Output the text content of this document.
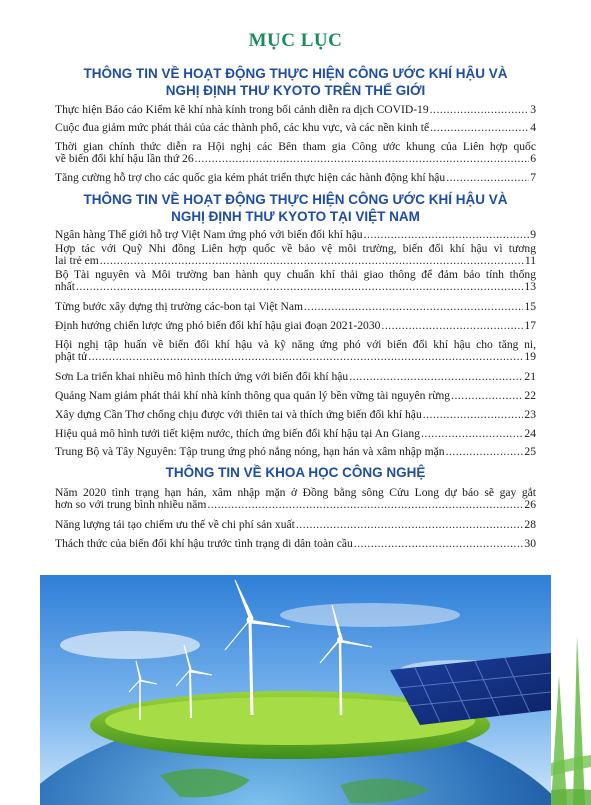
MỤC LỤC
THÔNG TIN VỀ HOẠT ĐỘNG THỰC HIỆN CÔNG ƯỚC KHÍ HẬU VÀ
NGHỊ ĐỊNH THƯ KYOTO TRÊN THẾ GIỚI
Thực hiện Báo cáo Kiểm kê khí nhà kính trong bối cảnh diễn ra dịch COVID-19 .....	3
Cuộc đua giảm mức phát thải của các thành phố, các khu vực, và các nền kinh tế .....	4
Thời gian chính thức diễn ra Hội nghị các Bên tham gia Công ước khung của Liên hợp quốc
về biến đổi khí hậu lần thứ 26 .....	6
Tăng cường hỗ trợ cho các quốc gia kém phát triển thực hiện các hành động khí hậu .....	7
THÔNG TIN VỀ HOẠT ĐỘNG THỰC HIỆN CÔNG ƯỚC KHÍ HẬU VÀ
NGHỊ ĐỊNH THƯ KYOTO TẠI VIỆT NAM
Ngân hàng Thế giới hỗ trợ Việt Nam ứng phó với biến đổi khí hậu .....	9
Hợp tác với Quỹ Nhi đồng Liên hợp quốc về bảo vệ môi trường, biến đổi khí hậu vì tương
lai trẻ em .....	11
Bộ Tài nguyên và Môi trường ban hành quy chuẩn khí thải giao thông để đảm bảo tính thống
nhất .....	13
Từng bước xây dựng thị trường các-bon tại Việt Nam .....	15
Định hướng chiến lược ứng phó biến đổi khí hậu giai đoạn 2021-2030 .....	17
Hội nghị tập huấn về biến đổi khí hậu và kỹ năng ứng phó với biến đổi khí hậu cho tăng ni,
phật tử .....	19
Sơn La triển khai nhiều mô hình thích ứng với biến đổi khí hậu .....	21
Quảng Nam giảm phát thải khí nhà kính thông qua quản lý bền vững tài nguyên rừng .....	22
Xây dựng Cần Thơ chống chịu được với thiên tai và thích ứng biến đổi khí hậu .....	23
Hiệu quả mô hình tưới tiết kiệm nước, thích ứng biến đổi khí hậu tại An Giang .....	24
Trung Bộ và Tây Nguyên: Tập trung ứng phó nắng nóng, hạn hán và xâm nhập mặn .....	25
THÔNG TIN VỀ KHOA HỌC CÔNG NGHỆ
Năm 2020 tình trạng hạn hán, xâm nhập mặn ở Đồng bằng sông Cửu Long dự báo sẽ gay gắt
hơn so với trung bình nhiều năm .....	26
Năng lượng tái tạo chiếm ưu thế về chi phí sản xuất .....	28
Thách thức của biến đổi khí hậu trước tình trạng di dân toàn cầu .....	30
